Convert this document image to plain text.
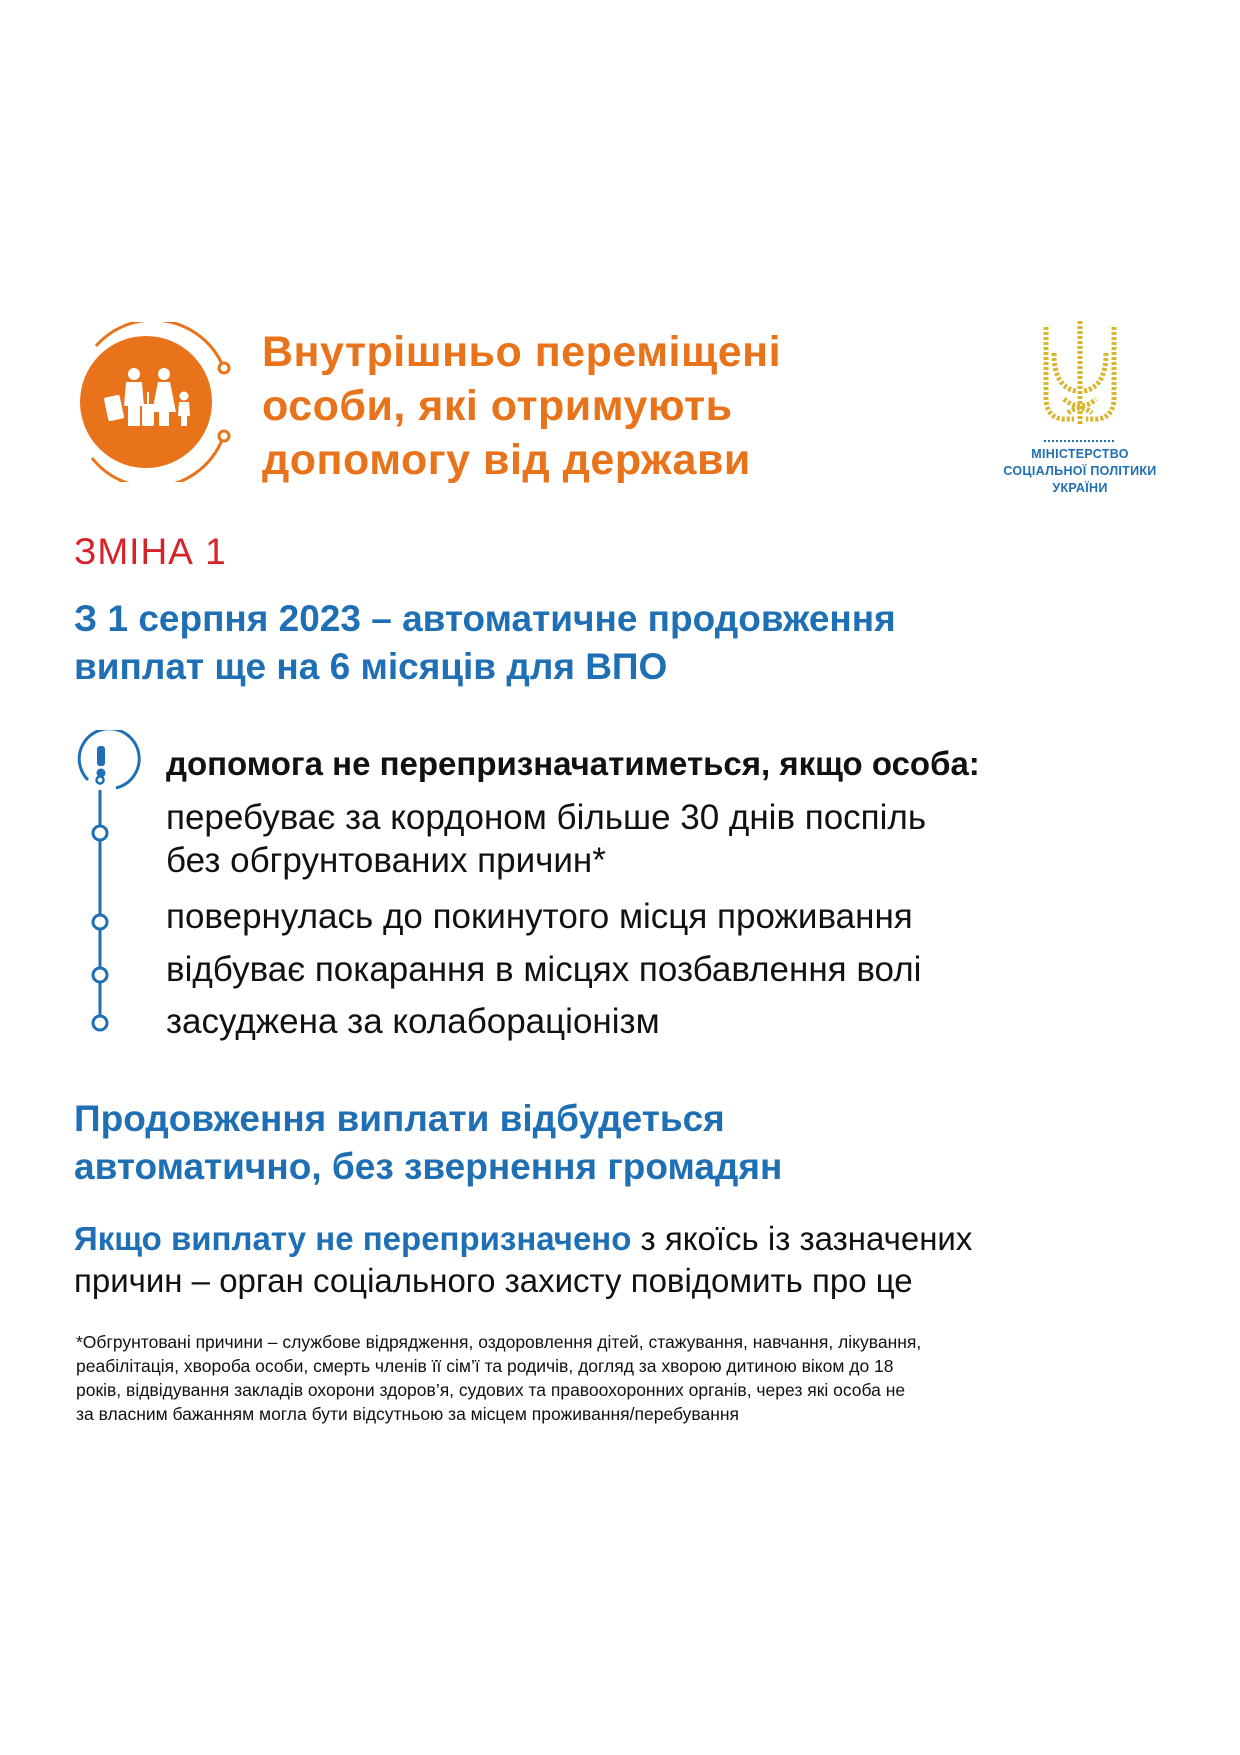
Внутрішньо переміщені
особи, які отримують
допомогу від держави	МІНІСТЕРСТВО
СОЦІАЛЬНОЇ ПОЛІТИКИ
УКРАЇНИ
ЗМІНА 1
З 1 серпня 2023 – автоматичне продовження
виплат ще на 6 місяців для ВПО
допомога не перепризначатиметься, якщо особа:
перебуває за кордоном більше 30 днів поспіль
без обгрунтованих причин*
повернулась до покинутого місця проживання
відбуває покарання в місцях позбавлення волі
засуджена за колабораціонізм
Продовження виплати відбудеться
автоматично, без звернення громадян
Якщо виплату не перепризначено з якоїсь із зазначених
причин – орган соціального захисту повідомить про це
*Обгрунтовані причини – службове відрядження, оздоровлення дітей, стажування, навчання, лікування,
реабілітація, хвороба особи, смерть членів її сім’ї та родичів, догляд за хворою дитиною віком до 18
років, відвідування закладів охорони здоров’я, судових та правоохоронних органів, через які особа не
за власним бажанням могла бути відсутньою за місцем проживання/перебування
